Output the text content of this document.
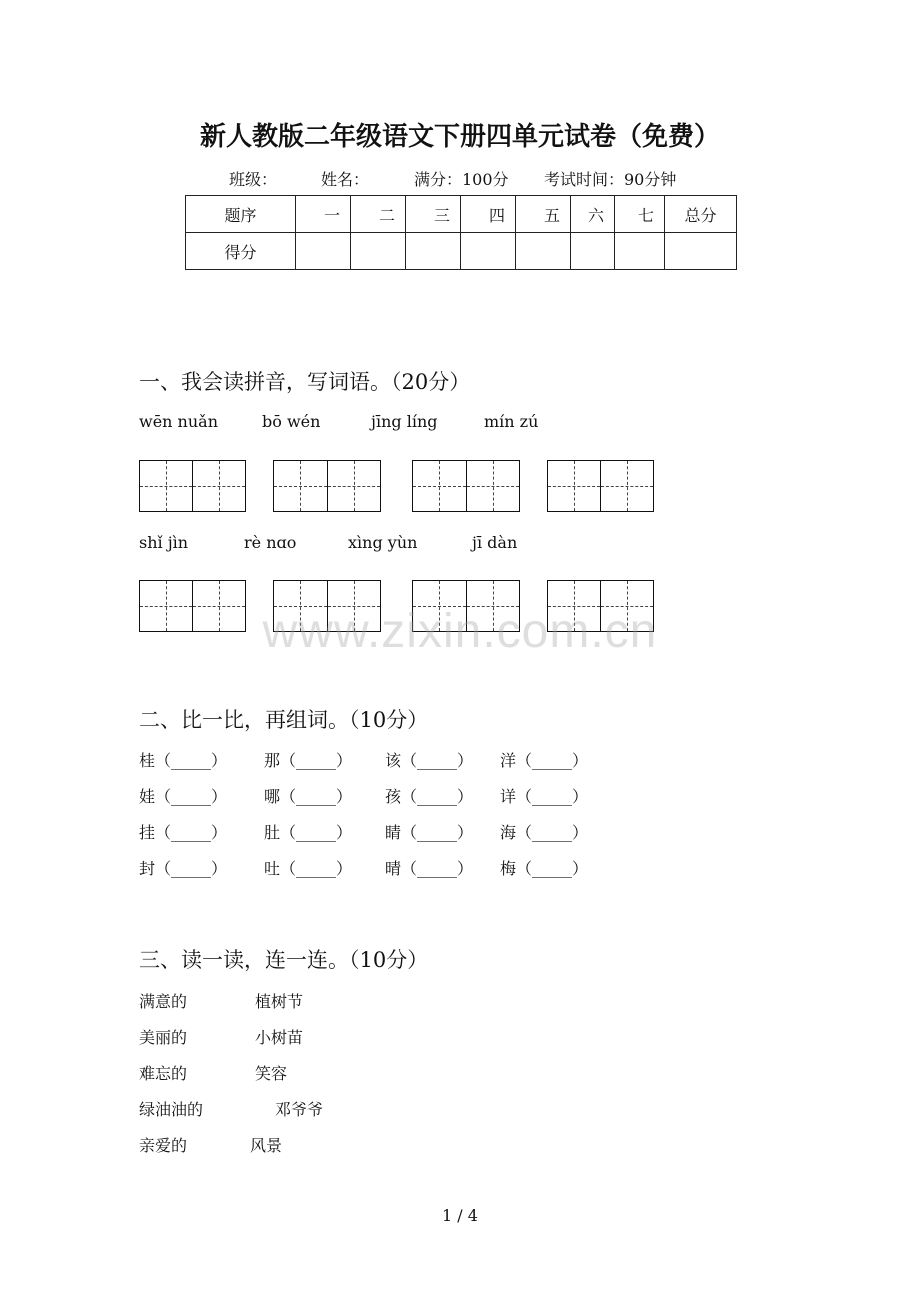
新人教版二年级语文下册四单元试卷（免费）
班级：	姓名：	满分：100分 考试时间：90分钟
题序	一	二	三	四	五	六	七	总分
得分								
一、我会读拼音，写词语。（20分）
wēn nuǎn	bō wén	jīng líng	mín zú
shǐ jìn	rè nɑo	xìng yùn	jī dàn
www.zixin.com.cn
二、比一比，再组词。（10分）
桂（_____） 那（_____） 该（_____） 洋（_____）
娃（_____） 哪（_____） 孩（_____） 详（_____）
挂（_____） 肚（_____） 睛（_____） 海（_____）
封（_____） 吐（_____） 晴（_____） 梅（_____）
三、读一读，连一连。（10分）
满意的	植树节
美丽的	小树苗
难忘的	笑容
绿油油的	邓爷爷
亲爱的	风景
1 / 4
